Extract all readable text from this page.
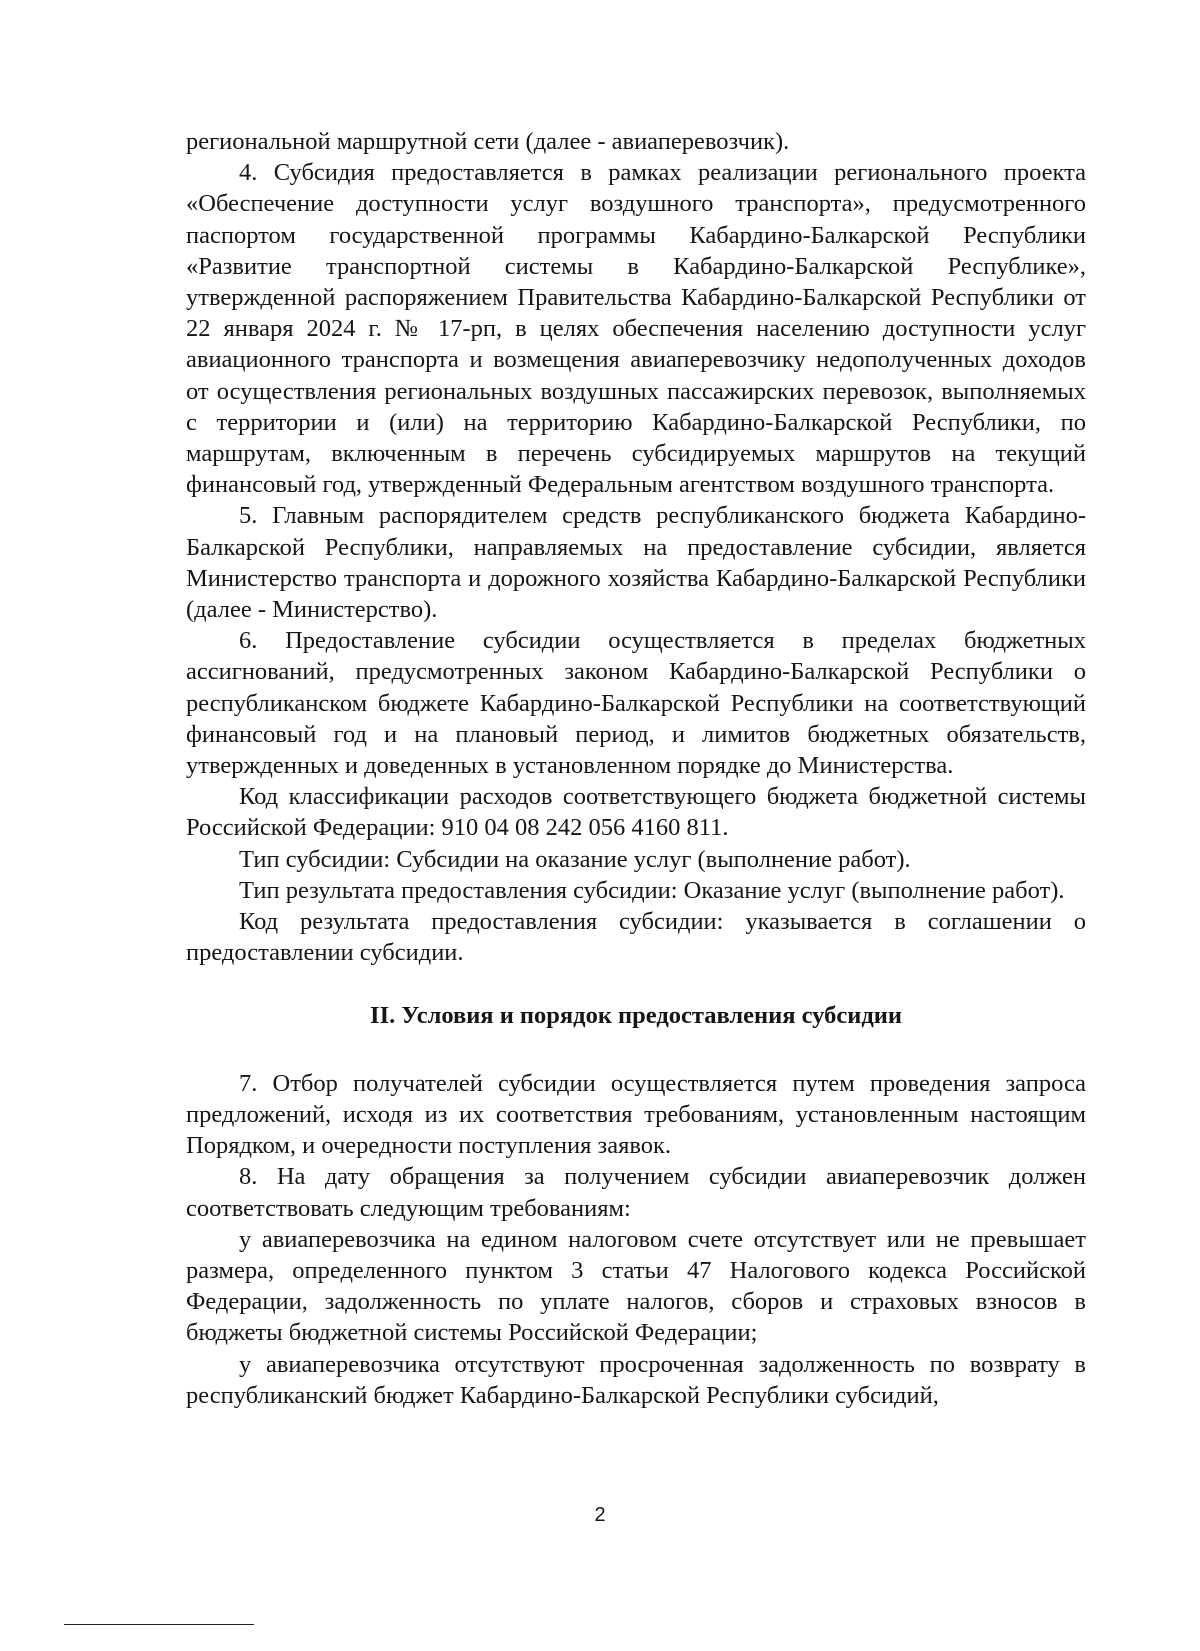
региональной маршрутной сети (далее - авиаперевозчик).

4. Субсидия предоставляется в рамках реализации регионального проекта «Обеспечение доступности услуг воздушного транспорта», предусмотренного паспортом государственной программы Кабардино-Балкарской Республики «Развитие транспортной системы в Кабардино-Балкарской Республике», утвержденной распоряжением Правительства Кабардино-Балкарской Республики от 22 января 2024 г. № 17-рп, в целях обеспечения населению доступности услуг авиационного транспорта и возмещения авиаперевозчику недополученных доходов от осуществления региональных воздушных пассажирских перевозок, выполняемых с территории и (или) на территорию Кабардино-Балкарской Республики, по маршрутам, включенным в перечень субсидируемых маршрутов на текущий финансовый год, утвержденный Федеральным агентством воздушного транспорта.

5. Главным распорядителем средств республиканского бюджета Кабардино-Балкарской Республики, направляемых на предоставление субсидии, является Министерство транспорта и дорожного хозяйства Кабардино-Балкарской Республики (далее - Министерство).

6. Предоставление субсидии осуществляется в пределах бюджетных ассигнований, предусмотренных законом Кабардино-Балкарской Республики о республиканском бюджете Кабардино-Балкарской Республики на соответствующий финансовый год и на плановый период, и лимитов бюджетных обязательств, утвержденных и доведенных в установленном порядке до Министерства.

Код классификации расходов соответствующего бюджета бюджетной системы Российской Федерации: 910 04 08 242 056 4160 811.

Тип субсидии: Субсидии на оказание услуг (выполнение работ).

Тип результата предоставления субсидии: Оказание услуг (выполнение работ).

Код результата предоставления субсидии: указывается в соглашении о предоставлении субсидии.

II. Условия и порядок предоставления субсидии

7. Отбор получателей субсидии осуществляется путем проведения запроса предложений, исходя из их соответствия требованиям, установленным настоящим Порядком, и очередности поступления заявок.

8. На дату обращения за получением субсидии авиаперевозчик должен соответствовать следующим требованиям:

у авиаперевозчика на едином налоговом счете отсутствует или не превышает размера, определенного пунктом 3 статьи 47 Налогового кодекса Российской Федерации, задолженность по уплате налогов, сборов и страховых взносов в бюджеты бюджетной системы Российской Федерации;

у авиаперевозчика отсутствуют просроченная задолженность по возврату в республиканский бюджет Кабардино-Балкарской Республики субсидий,

2
